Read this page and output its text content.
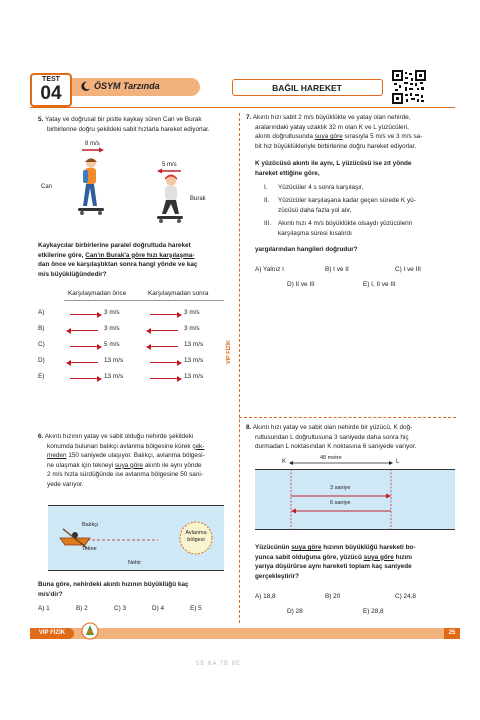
TEST
04	ÖSYM Tarzında	BAĞIL HAREKET
5. Yatay ve doğrusal bir pistte kaykay süren Can ve Burak
birbirlerine doğru şekildeki sabit hızlarla hareket ediyorlar.
8 m/s
5 m/s
Can
Burak
Kaykaycılar birbirlerine paralel doğrultuda hareket
etkilerine göre, Can'ın Burak'a göre hızı karşılaşma-
dan önce ve karşılaştıktan sonra hangi yönde ve kaç
m/s büyüklüğündedir?
Karşılaşmadan önce	Karşılaşmadan sonra
A)	3 m/s	3 m/s
B)	3 m/s	3 m/s
C)	5 m/s	13 m/s
D)	13 m/s	13 m/s
E)	13 m/s	13 m/s
6. Akıntı hızının yatay ve sabit olduğu nehirde şekildeki
konumda bulunan balıkçı avlanma bölgesine kürek çek-
meden 150 saniyede ulaşıyor. Balıkçı, avlanma bölgesi-
ne ulaşmak için tekneyi suya göre akıntı ile aynı yönde
2 m/s hızla sürdüğünde ise avlanma bölgesine 50 sani-
yede varıyor.
Balıkçı
Tekne
Nehir
Avlanma bölgesi
Buna göre, nehirdeki akıntı hızının büyüklüğü kaç
m/s'dir?
A) 1	B) 2	C) 3	D) 4	E) 5
7. Akıntı hızı sabit 2 m/s büyüklükte ve yatay olan nehirde,
aralarındaki yatay uzaklık 32 m olan K ve L yüzücüleri,
akıntı doğrultusunda suya göre sırasıyla 5 m/s ve 3 m/s sa-
bit hız büyüklükleriyle birbirlerine doğru hareket ediyorlar.
K yüzücüsü akıntı ile aynı, L yüzücüsü ise zıt yönde
hareket ettiğine göre,
I. Yüzücüler 4 s sonra karşılaşır,
II. Yüzücüler karşılaşana kadar geçen sürede K yü-
zücüsü daha fazla yol alır,
III. Akıntı hızı 4 m/s büyüklükte olsaydı yüzücülerin
karşılaşma süresi kısalırdı
yargılarından hangileri doğrudur?
A) Yalnız I	B) I ve II	C) I ve III
D) II ve III	E) I, II ve III
8. Akıntı hızı yatay ve sabit olan nehirde bir yüzücü, K doğ-
rultusundan L doğrultusuna 3 saniyede daha sonra hiç
durmadan L noktasından K noktasına 6 saniyede varıyor.
48 metre
K	L
3 saniye
6 saniye
Yüzücünün suya göre hızının büyüklüğü hareketi bo-
yunca sabit olduğuna göre, yüzücü suya göre hızını
yarıya düşürürse aynı hareketi toplam kaç saniyede
gerçekleştirir?
A) 18,8	B) 20	C) 24,8
D) 28	E) 28,8
VIP FİZİK
VIP FİZİK	25
5E 6A 7B 8E
